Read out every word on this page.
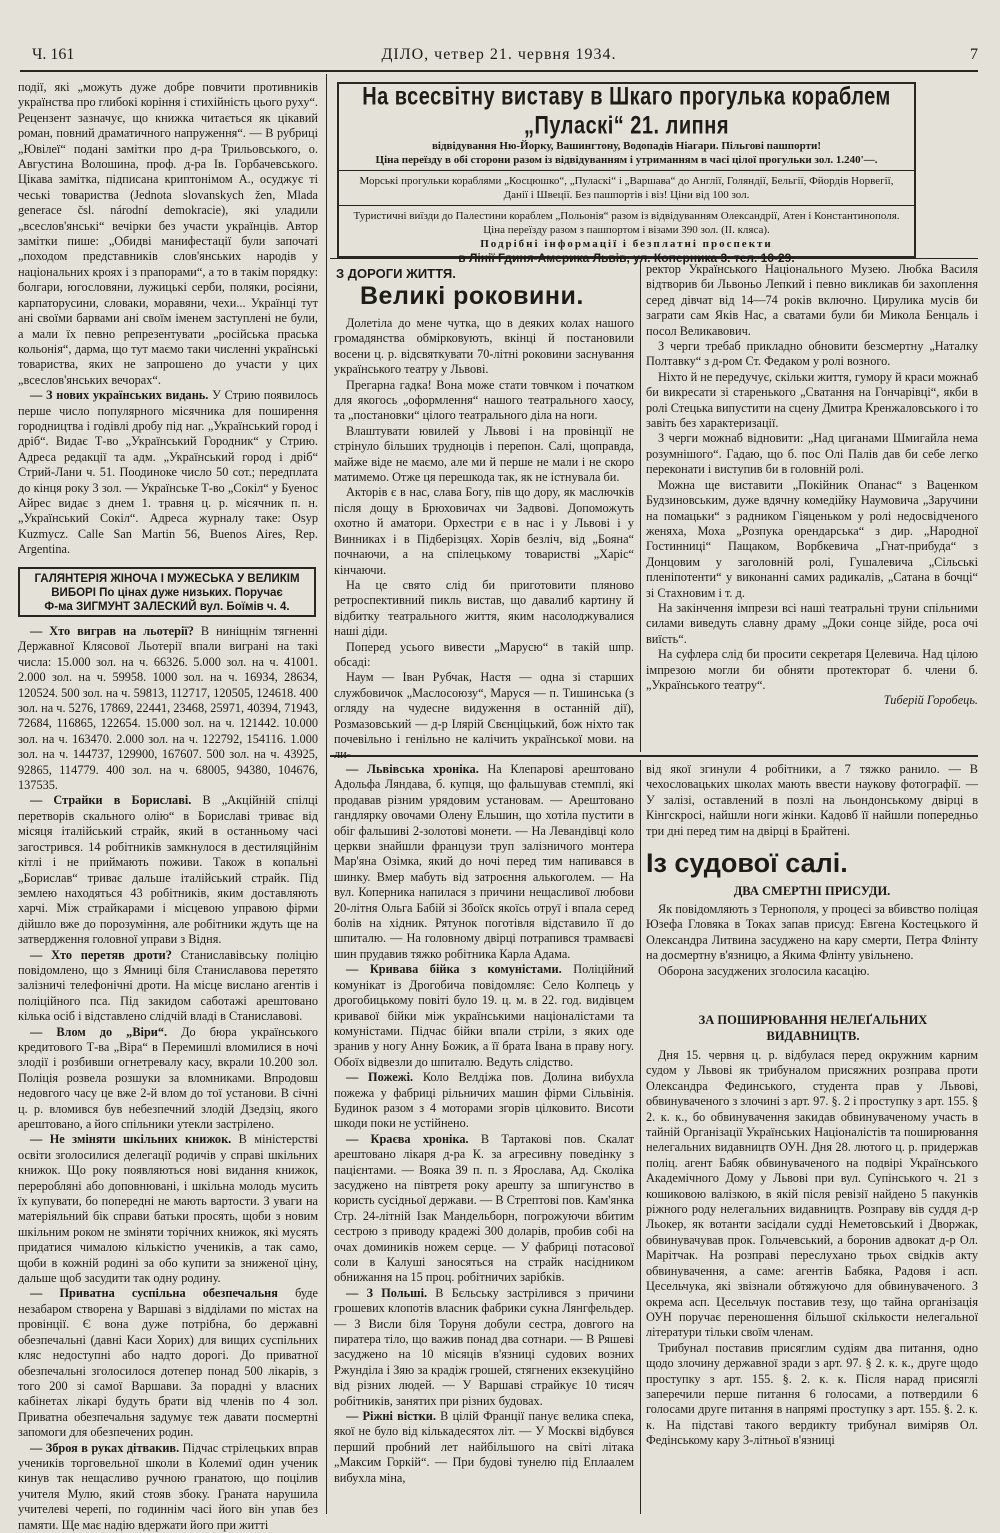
Ч. 161	ДІЛО, четвер 21. червня 1934.	7

події, які „можуть дуже добре повчити противників українства про глибокі коріння і стихійність цього руху“. Рецензент зазначує, що книжка читається як цікавий роман, повний драматичного напруження“. — В рубриці „Ювілеї“ подані замітки про д-ра Трильовського, о. Августина Волошина, проф. д-ра Ів. Горбачевського. Цікава замітка, підписана криптонімом А., осуджує ті чеські товариства (Jednota slovanskych žen, Mlada generace čsl. národní demokracie), які уладили „всеслов'янські“ вечірки без участи українців. Автор замітки пише: „Обидві манифестації були започаті „походом представників слов'янських народів у національних кроях і з прапорами“, а то в такім порядку: болгари, югословяни, лужицькі серби, поляки, росіяни, карпаторусини, словаки, моравяни, чехи... Українці тут ані своїми барвами ані своїм іменем заступлені не були, а мали їх певно репрезентувати „російська праська кольонія“, дарма, що тут маємо таки численні українські товариства, яких не запрошено до участи у цих „всеслов'янських вечорах“.

— З нових українських видань. У Стрию появилось перше число популярного місячника для поширення городництва і годівлі дробу під наг. „Український город і дріб“. Видає Т-во „Український Городник“ у Стрию. Адреса редакції та адм. „Український город і дріб“ Стрий-Лани ч. 51. Поодиноке число 50 сот.; передплата до кінця року 3 зол. — Українське Т-во „Сокіл“ у Буенос Айрес видає з днем 1. травня ц. р. місячник п. н. „Український Сокіл“. Адреса журналу таке: Osyp Kuzmycz. Calle San Martin 56, Buenos Aires, Rep. Argentina.

ГАЛЯНТЕРІЯ ЖІНОЧА І МУЖЕСЬКА У ВЕЛИКІМ ВИБОРІ По цінах дуже низьких. Поручає
Ф-ма ЗИГМУНТ ЗАЛЕСКИЙ вул. Боїмів ч. 4.

— Хто виграв на льотерії? В ниніщнім тягненні Державної Клясової Льотерії впали виграні на такі числа: 15.000 зол. на ч. 66326. 5.000 зол. на ч. 41001. 2.000 зол. на ч. 59958. 1000 зол. на ч. 16934, 28634, 120524. 500 зол. на ч. 59813, 112717, 120505, 124618. 400 зол. на ч. 5276, 17869, 22441, 23468, 25971, 40394, 71943, 72684, 116865, 122654. 15.000 зол. на ч. 121442. 10.000 зол. на ч. 163470. 2.000 зол. на ч. 122792, 154116. 1.000 зол. на ч. 144737, 129900, 167607. 500 зол. на ч. 43925, 92865, 114779. 400 зол. на ч. 68005, 94380, 104676, 137535.

— Страйки в Бориславі. В „Акційній спілці перетворів скального олію“ в Бориславі триває від місяця італійський страйк, який в останньому часі загострився. 14 робітників замкнулося в дестиляційнім кітлі і не приймають поживи. Також в копальні „Борислав“ триває дальше італійський страйк. Під землею находяться 43 робітників, яким доставляють харчі. Між страйкарами і місцевою управою фірми дійшло вже до порозуміння, але робітники ждуть ще на затвердження головної управи з Відня.

— Хто перетяв дроти? Станиславівську поліцію повідомлено, що з Ямниці біля Станиславова перетято залізничі телефонічні дроти. На місце вислано агентів і поліційного пса. Під закидом саботажі арештовано кілька осіб і відставлено слідчій владі в Станиславові.

— Влом до „Віри“. До бюра українського кредитового Т-ва „Віра“ в Перемишлі вломилися в ночі злодії і розбивши огнетревалу касу, вкрали 10.200 зол. Поліція розвела розшуки за вломниками. Впродовш недовгого часу це вже 2-й влом до тої установи. В січні ц. р. вломився був небезпечний злодій Дзедзіц, якого арештовано, а його спільники утекли застрілено.

— Не зміняти шкільних книжок. В міністерстві освіти зголосилися делегації родичів у справі шкільних книжок. Що року появляються нові видання книжок, переробляні або доповнювані, і шкільна молодь мусить їх купувати, бо попередні не мають вартости. З уваги на матеріяльний бік справи батьки просять, щоби з новим шкільним роком не зміняти торічних книжок, які мусять придатися чималою кількістю учеників, а так само, щоби в кожній родині за обо купити за зниженої ціну, дальше щоб засудити так одну родину.

— Приватна суспільна обезпечальня буде незабаром створена у Варшаві з відділами по містах на провінції. Є вона дуже потрібна, бо державні обезпечальні (давні Каси Хорих) для вищих суспільних кляс недоступні або надто дорогі. До приватної обезпечальні зголосилося дотепер понад 500 лікарів, з того 200 зі самої Варшави. За порадні у власних кабінетах лікарі будуть брати від членів по 4 зол. Приватна обезпечальня задумує теж давати посмертні запомоги для обезпечених родин.

— Зброя в руках дітвакив. Підчас стрілецьких вправ учеників торговельної школи в Колемиї один ученик кинув так нещасливо ручною гранатою, що поцілив учителя Мулю, який стояв збоку. Граната нарушила учителеві черепі, по годиннім часі його він упав без памяти. Ще має надію вдержати його при житті

На всесвітну виставу в Шкаго прогулька кораблем „Пуласкі“ 21. липня
відвідування Ню-Йорку, Вашингтону, Водопадів Ніагари. Пільгові пашпорти!
Ціна переїзду в обі сторони разом із відвідуванням і утриманням в часі цілої прогульки зол. 1.240'—.
Морські прогульки кораблями „Косцюшко“, „Пуласкі“ і „Варшава“ до Англії, Голяндії, Бельгії, Фйордів Норвегії, Данії і Швеції. Без пашпортів і віз! Ціни від 100 зол.
Туристичні виїзди до Палестини кораблем „Польонія“ разом із відвідуванням Олександрії, Атен і Константинополя. Ціна переїзду разом з пашпортом і візами 390 зол. (II. кляса).
Подрібні інформації і безплатні проспекти
в Лінії Гдиня-Америка Львів, ул. Коперника 3. тел. 10-29.
З ДОРОГИ ЖИТТЯ.
Великі роковини.

Долетіла до мене чутка, що в деяких колах нашого громадянства обмірковують, вкінці й постановили восени ц. р. відсвяткувати 70-літні роковини заснування українського театру у Львові.

Прегарна гадка! Вона може стати товчком і початком для якогось „оформлення“ нашого театрального хаосу, та „постановки“ цілого театрального діла на ноги.

Влаштувати ювилей у Львові і на провінції не стрінуло більших трудноців і перепон. Салі, щоправда, майже віде не маємо, але ми й перше не мали і не скоро матимемо. Отже ця перешкода так, як не істнувала би.

Акторів є в нас, слава Богу, пів що дору, як маслючків після дощу в Брюховичах чи Задвові. Допоможуть охотно й аматори. Орхестри є в нас і у Львові і у Винниках і в Підберізцях. Хорів безліч, від „Бояна“ почнаючи, а на спілецькому товаристві „Харіс“ кінчаючи.

На це свято слід би приготовити пляново ретроспективний пикль вистав, що давалиб картину й відбитку театрального життя, яким насолоджувалися наші діди.

Поперед усього вивести „Марусю“ в такій шпр. обсаді:

Наум — Іван Рубчак, Настя — одна зі старших службовичок „Маслосоюзу“, Маруся — п. Тишинська (з огляду на чудесне видуження в останній дії), Розмазовський — д-р Ілярій Свєнціцький, бож ніхто так почевільно і генільно не калічить української мови. на ли-

ректор Українського Національного Музею. Любка Василя відтворив би Львоньо Лепкий і певно викликав би захоплення серед дівчат від 14—74 років включно. Цирулика мусів би заграти сам Яків Нас, а сватами були би Микола Бенцаль і посол Великавович.

З черги требаб прикладно обновити безсмертну „Наталку Полтавку“ з д-ром Ст. Федаком у ролі возного.

Ніхто й не передучує, скільки життя, гумору й краси можнаб би викресати зі старенького „Сватання на Гончарівці“, якби в ролі Стецька випустити на сцену Дмитра Кренжаловського і то завіть без характеризації.

З черги можнаб відновити: „Над циганами Шмигайла нема розумнішого“. Гадаю, що б. пос Олі Палів дав би себе легко переконати і виступив би в головній ролі.

Можна ще виставити „Покійник Опанас“ з Ваценком Будзиновським, дуже вдячну комедійку Наумовича „Заручини на помацьки“ з радником Гіяценьком у ролі недосвідченого женяха, Моха „Розпука орендарська“ з дир. „Народної Гостинниці“ Пащаком, Ворбкевича „Гнат-прибуда“ з Донцовим у заголовній ролі, Гушалевича „Сільські пленіпотенти“ у виконанні самих радикалів, „Сатана в бочці“ зі Стахновим і т. д.

На закінчення імпрези всі наші театральні труни спільними силами виведуть славну драму „Доки сонце зійде, роса очі виїсть“.

На суфлера слід би просити секретаря Целевича. Над цілою імпрезою могли би обняти протекторат б. члени б. „Українського театру“.

Тиберій Горобець.

— Львівська хроніка. На Клепарові арештовано Адольфа Ляндава, б. купця, що фальшував стемплі, які продавав різним урядовим установам. — Арештовано гандлярку овочами Олену Ельшин, що хотіла пустити в обіг фальшиві 2-золотові монети. — На Левандівці коло церкви знайшли французи труп залізничого монтера Мар'яна Озімка, який до ночі перед тим напивався в шинку. Вмер мабуть від затроєння алькоголем. — На вул. Коперника напилася з причини нещасливої любови 20-літня Ольга Бабій зі Збоїск якоїсь отруї і впала серед болів на хідник. Рятунок поготівля відставило її до шпиталю. — На головному двірці потрапився трамваєві шин прудавив тяжко робітника Карла Адама.

— Кривава бійка з комуністами. Поліційний комунікат із Дрогобича повідомляє: Село Колпець у дрогобицькому повіті було 19. ц. м. в 22. год. видівцем кривавої бійки між українськими націоналістами та комуністами. Підчас бійки впали стріли, з яких оде зранив у ногу Анну Божик, а її брата Івана в праву ногу. Обоїх відвезли до шпиталю. Ведуть слідство.

— Пожежі. Коло Велдіжа пов. Долина вибухла пожежа у фабриці рільничих машин фірми Сільвінія. Будинок разом з 4 моторами згорів цілковито. Висоти шкоди поки не устійнено.

— Краєва хроніка. В Тартакові пов. Скалат арештовано лікаря д-ра К. за агресивну поведінку з пацієнтами. — Вояка 39 п. п. з Ярослава, Ад. Сколіка засуджено на півтретя року арешту за шпигунство в користь сусідньої держави. — В Стрептові пов. Кам'янка Стр. 24-літній Ізак Мандельборн, погрожуючи вбитим сестрою з приводу крадежі 300 доларів, пробив собі на очах домиників ножем серце. — У фабриці потасової соли в Калуші заносяться на страйк насідником обнижання на 15 проц. робітничих зарібків.

— З Польші. В Бєльську застрілився з причини грошевих клопотів власник фабрики сукна Лянгфельдер. — З Висли біля Торуня добули сестра, довгого на пиратера тіло, що важив понад два сотнари. — В Ряшеві засуджено на 10 місяців в'язниці судових возних Ржунділа і Зяю за крадіж грошей, стягнених екзекуційно від різних людей. — У Варшаві страйкує 10 тисяч робітників, занятих при різних будовах.

— Ріжні вістки. В цілій Франції панує велика спека, якої не було від кількадесятох літ. — У Москві відбувся перший пробний лет найбільшого на світі літака „Максим Горкій“. — При будові тунелю під Еплаалем вибухла міна,

від якої згинули 4 робітники, а 7 тяжко ранило. — В чехословацьких школах мають ввести наукову фотографії. — У залізі, оставлений в позлі на льондонському двірці в Кінгскросі, найшли ноги жінки. Кадовб її найшли попередньо три дні перед тим на двірці в Брайтені.

Із судової салі.
ДВА СМЕРТНІ ПРИСУДИ.

Як повідомляють з Тернополя, у процесі за вбивство поліцая Юзефа Гловяка в Токах запав присуд: Евгена Костецького й Олександра Литвина засуджено на кару смерти, Петра Флінту на досмертну в'язницю, а Якима Флінту увільнено.

Оборона засуджених зголосила касацію.

ЗА ПОШИРЮВАННЯ НЕЛЕҐАЛЬНИХ ВИДАВНИЦТВ.

Дня 15. червня ц. р. відбулася перед окружним карним судом у Львові як трибуналом присяжних розправа проти Олександра Фединського, студента прав у Львові, обвинуваченого з злочині з арт. 97. §. 2 і проступку з арт. 155. § 2. к. к., бо обвинувачення закидав обвинуваченому участь в тайній Організації Українських Націоналістів та поширювання нелегальних видавництв ОУН. Дня 28. лютого ц. р. придержав поліц. агент Бабяк обвинуваченого на подвірі Українського Академічного Дому у Львові при вул. Супінського ч. 21 з кошиковою валізкою, в якій після ревізії найдено 5 пакунків ріжного роду нелегальних видавництв. Розправу вів суддя д-р Льокер, як вотанти засідали судді Неметовський і Дворжак, обвинувачував прок. Гольчевський, а боронив адвокат д-р Ол. Марітчак. На розправі переслухано трьох свідків акту обвинувачення, а саме: агентів Бабяка, Радовя і асп. Цесельчука, які звізнали обтяжуючо для обвинуваченого. З окрема асп. Цесельчук поставив тезу, що тайна організація ОУН поручає переношення більшої скількости нелегальної літератури тільки своїм членам.

Трибунал поставив присяглим судіям два питання, одно щодо злочину державної зради з арт. 97. § 2. к. к., друге щодо проступку з арт. 155. §. 2. к. к. Після нарад присяглі заперечили перше питання 6 голосами, а потвердили 6 голосами друге питання в напрямі проступку з арт. 155. §. 2. к. к. На підставі такого вердикту трибунал виміряв Ол. Федінському кару 3-літньої в'язниці
